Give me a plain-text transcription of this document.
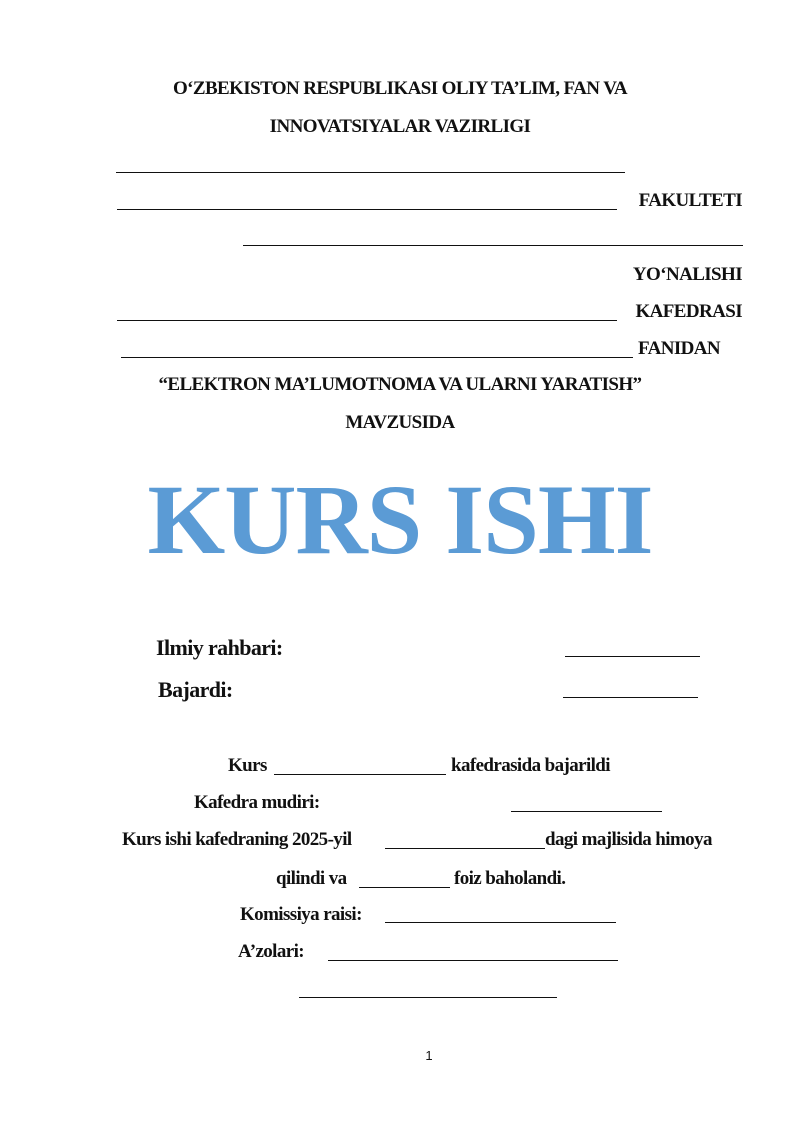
O‘ZBEKISTON RESPUBLIKASI OLIY TA’LIM, FAN VA
INNOVATSIYALAR VAZIRLIGI
FAKULTETI
YO‘NALISHI
KAFEDRASI
FANIDAN
“ELEKTRON MA’LUMOTNOMA VA ULARNI YARATISH”
MAVZUSIDA
KURS ISHI
Ilmiy rahbari:
Bajardi:
Kurs	kafedrasida bajarildi
Kafedra mudiri:
Kurs ishi kafedraning 2025-yil	dagi majlisida himoya
qilindi va	foiz baholandi.
Komissiya raisi:
A’zolari:
1
